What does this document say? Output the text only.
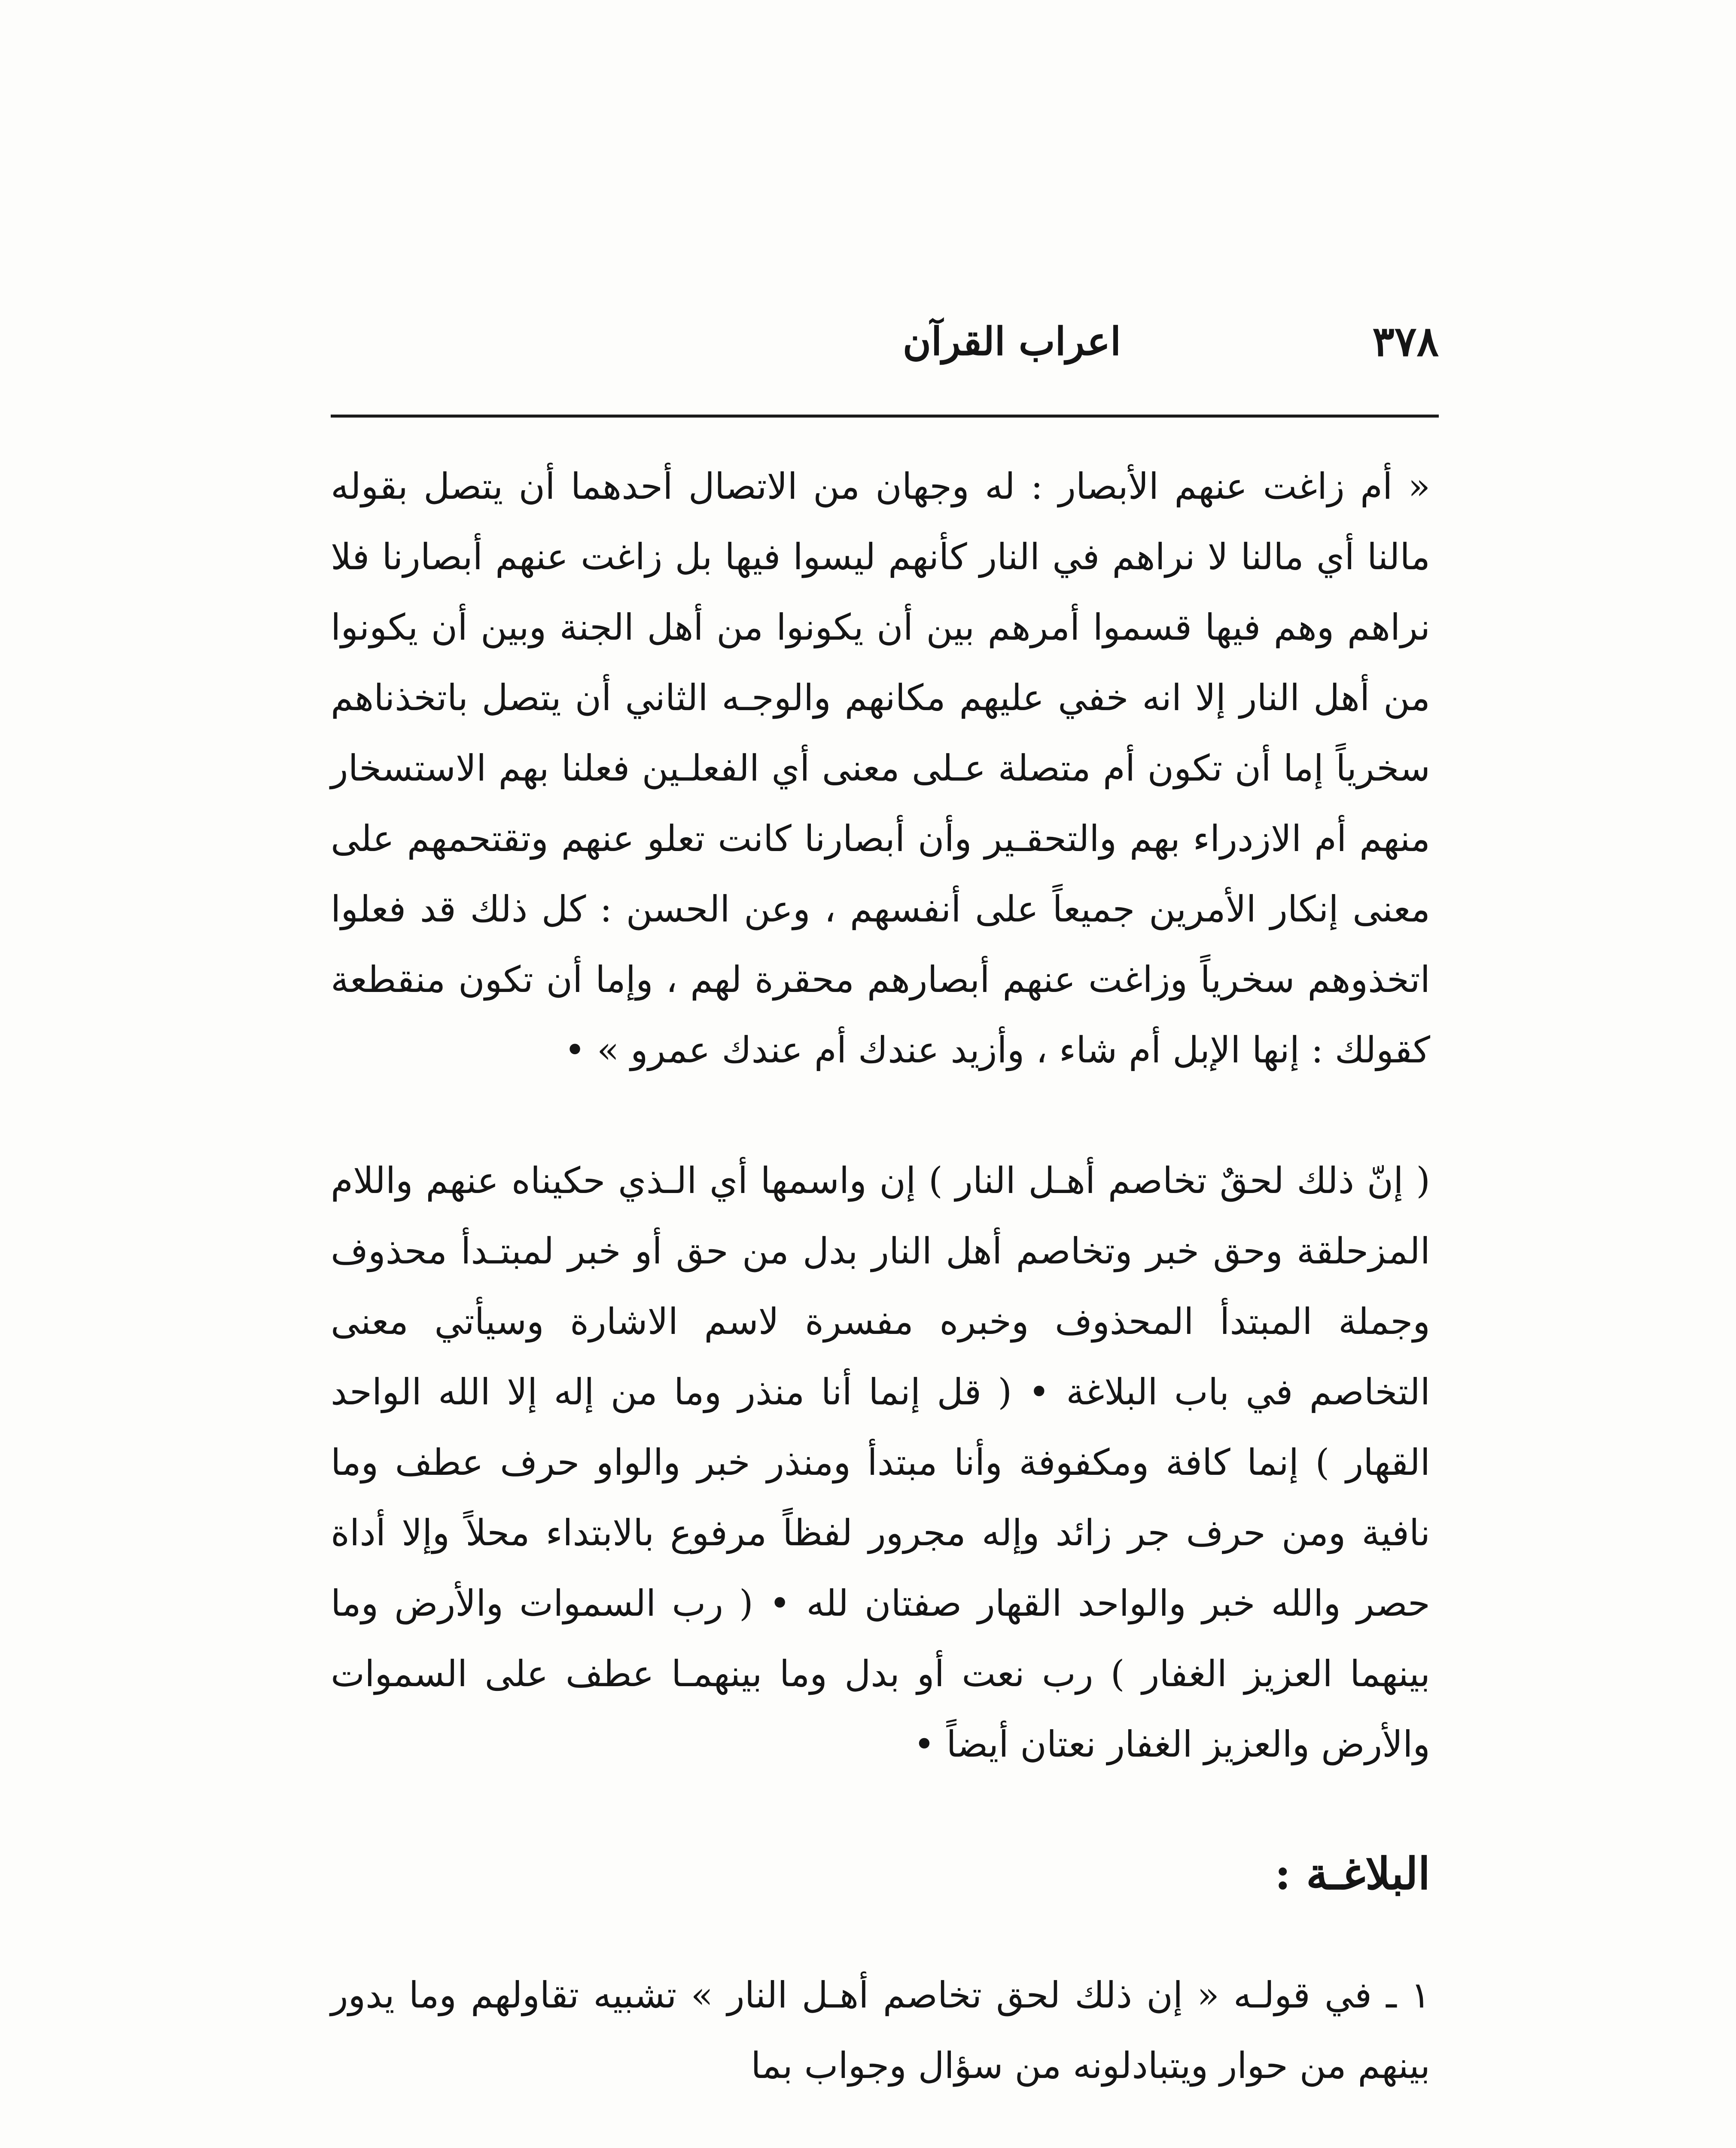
٣٧٨
اعراب القرآن

« أم زاغت عنهم الأبصار : له وجهان من الاتصال أحدهما أن يتصل بقوله مالنا أي مالنا لا نراهم في النار كأنهم ليسوا فيها بل زاغت عنهم أبصارنا فلا نراهم وهم فيها قسموا أمرهم بين أن يكونوا من أهل الجنة وبين أن يكونوا من أهل النار إلا انه خفي عليهم مكانهم والوجـه الثاني أن يتصل باتخذناهم سخرياً إما أن تكون أم متصلة عـلى معنى أي الفعلـين فعلنا بهم الاستسخار منهم أم الازدراء بهم والتحقـير وأن أبصارنا كانت تعلو عنهم وتقتحمهم على معنى إنكار الأمرين جميعاً على أنفسهم ، وعن الحسن : كل ذلك قد فعلوا اتخذوهم سخرياً وزاغت عنهم أبصارهم محقرة لهم ، وإما أن تكون منقطعة كقولك : إنها الإبل أم شاء ، وأزيد عندك أم عندك عمرو » •

( إنّ ذلك لحقٌ تخاصم أهـل النار ) إن واسمها أي الـذي حكيناه عنهم واللام المزحلقة وحق خبر وتخاصم أهل النار بدل من حق أو خبر لمبتـدأ محذوف وجملة المبتدأ المحذوف وخبره مفسرة لاسم الاشارة وسيأتي معنى التخاصم في باب البلاغة • ( قل إنما أنا منذر وما من إله إلا الله الواحد القهار ) إنما كافة ومكفوفة وأنا مبتدأ ومنذر خبر والواو حرف عطف وما نافية ومن حرف جر زائد وإله مجرور لفظاً مرفوع بالابتداء محلاً وإلا أداة حصر والله خبر والواحد القهار صفتان لله • ( رب السموات والأرض وما بينهما العزيز الغفار ) رب نعت أو بدل وما بينهمـا عطف على السموات والأرض والعزيز الغفار نعتان أيضاً •

البلاغـة :

١ ـ في قولـه « إن ذلك لحق تخاصم أهـل النار » تشبيه تقاولهم وما يدور بينهم من حوار ويتبادلونه من سؤال وجواب بما
